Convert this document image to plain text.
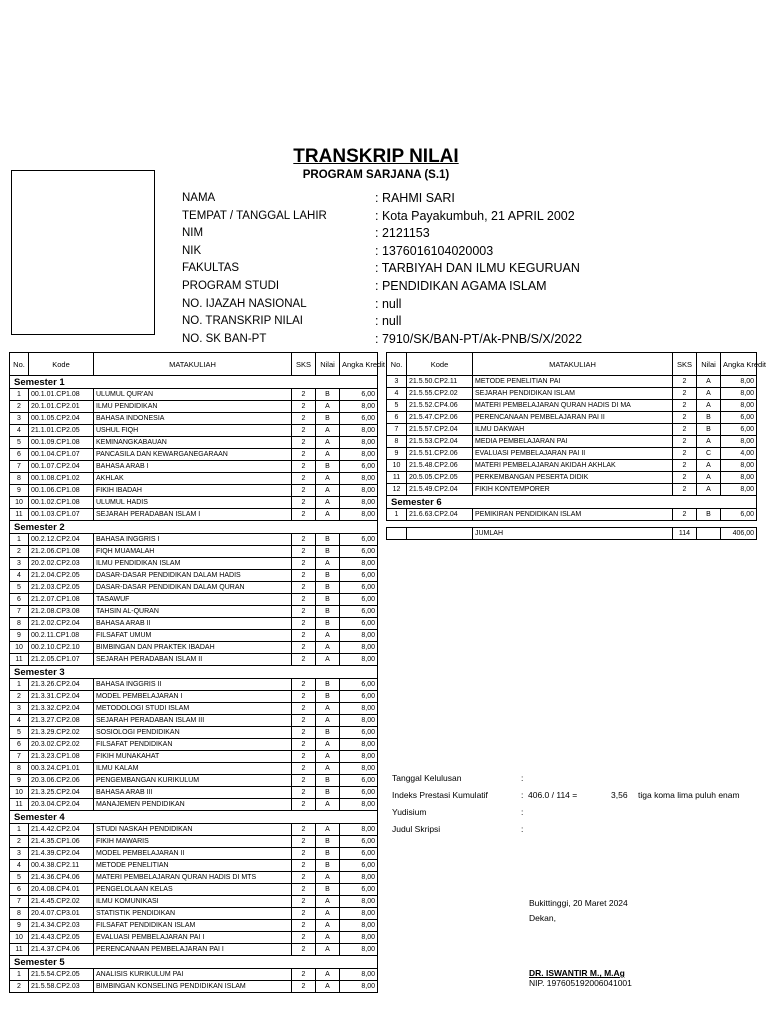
TRANSKRIP NILAI
PROGRAM SARJANA (S.1)
NAMA	: RAHMI SARI
TEMPAT / TANGGAL LAHIR	: Kota Payakumbuh, 21 APRIL 2002
NIM	: 2121153
NIK	: 1376016104020003
FAKULTAS	: TARBIYAH DAN ILMU KEGURUAN
PROGRAM STUDI	: PENDIDIKAN AGAMA ISLAM
NO. IJAZAH NASIONAL	: null
NO. TRANSKRIP NILAI	: null
NO. SK BAN-PT	: 7910/SK/BAN-PT/Ak-PNB/S/X/2022
No.	Kode	MATAKULIAH	SKS	Nilai	Angka Kredit
Semester 1					
1	00.1.01.CP1.08	ULUMUL QUR'AN	2	B	6,00
2	20.1.01.CP2.01	ILMU PENDIDIKAN	2	A	8,00
3	00.1.05.CP2.04	BAHASA INDONESIA	2	B	6,00
4	21.1.01.CP2.05	USHUL FIQH	2	A	8,00
5	00.1.09.CP1.08	KEMINANGKABAUAN	2	A	8,00
6	00.1.04.CP1.07	PANCASILA DAN KEWARGANEGARAAN	2	A	8,00
7	00.1.07.CP2.04	BAHASA ARAB I	2	B	6,00
8	00.1.08.CP1.02	AKHLAK	2	A	8,00
9	00.1.06.CP1.08	FIKIH IBADAH	2	A	8,00
10	00.1.02.CP1.08	ULUMUL HADIS	2	A	8,00
11	00.1.03.CP1.07	SEJARAH PERADABAN ISLAM I	2	A	8,00
Semester 2					
1	00.2.12.CP2.04	BAHASA INGGRIS I	2	B	6,00
2	21.2.06.CP1.08	FIQH MUAMALAH	2	B	6,00
3	20.2.02.CP2.03	ILMU PENDIDIKAN ISLAM	2	A	8,00
4	21.2.04.CP2.05	DASAR-DASAR PENDIDIKAN DALAM HADIS	2	B	6,00
5	21.2.03.CP2.05	DASAR-DASAR PENDIDIKAN DALAM QURAN	2	B	6,00
6	21.2.07.CP1.08	TASAWUF	2	B	6,00
7	21.2.08.CP3.08	TAHSIN AL-QURAN	2	B	6,00
8	21.2.02.CP2.04	BAHASA ARAB II	2	B	6,00
9	00.2.11.CP1.08	FILSAFAT UMUM	2	A	8,00
10	00.2.10.CP2.10	BIMBINGAN DAN PRAKTEK IBADAH	2	A	8,00
11	21.2.05.CP1.07	SEJARAH PERADABAN ISLAM II	2	A	8,00
Semester 3					
1	21.3.26.CP2.04	BAHASA INGGRIS II	2	B	6,00
2	21.3.31.CP2.04	MODEL PEMBELAJARAN I	2	B	6,00
3	21.3.32.CP2.04	METODOLOGI STUDI ISLAM	2	A	8,00
4	21.3.27.CP2.08	SEJARAH PERADABAN ISLAM III	2	A	8,00
5	21.3.29.CP2.02	SOSIOLOGI PENDIDIKAN	2	B	6,00
6	20.3.02.CP2.02	FILSAFAT PENDIDIKAN	2	A	8,00
7	21.3.23.CP1.08	FIKIH MUNAKAHAT	2	A	8,00
8	00.3.24.CP1.01	ILMU KALAM	2	A	8,00
9	20.3.06.CP2.06	PENGEMBANGAN KURIKULUM	2	B	6,00
10	21.3.25.CP2.04	BAHASA ARAB III	2	B	6,00
11	20.3.04.CP2.04	MANAJEMEN PENDIDIKAN	2	A	8,00
Semester 4					
1	21.4.42.CP2.04	STUDI NASKAH PENDIDIKAN	2	A	8,00
2	21.4.35.CP1.06	FIKIH MAWARIS	2	B	6,00
3	21.4.39.CP2.04	MODEL PEMBELAJARAN II	2	B	6,00
4	00.4.38.CP2.11	METODE PENELITIAN	2	B	6,00
5	21.4.36.CP4.06	MATERI PEMBELAJARAN QURAN HADIS DI MTS	2	A	8,00
6	20.4.08.CP4.01	PENGELOLAAN KELAS	2	B	6,00
7	21.4.45.CP2.02	ILMU KOMUNIKASI	2	A	8,00
8	20.4.07.CP3.01	STATISTIK PENDIDIKAN	2	A	8,00
9	21.4.34.CP2.03	FILSAFAT PENDIDIKAN ISLAM	2	A	8,00
10	21.4.43.CP2.05	EVALUASI PEMBELAJARAN PAI I	2	A	8,00
11	21.4.37.CP4.06	PERENCANAAN PEMBELAJARAN PAI I	2	A	8,00
Semester 5					
1	21.5.54.CP2.05	ANALISIS KURIKULUM PAI	2	A	8,00
2	21.5.58.CP2.03	BIMBINGAN KONSELING PENDIDIKAN ISLAM	2	A	8,00
No.	Kode	MATAKULIAH	SKS	Nilai	Angka Kredit
3	21.5.50.CP2.11	METODE PENELITIAN PAI	2	A	8,00
4	21.5.55.CP2.02	SEJARAH PENDIDIKAN ISLAM	2	A	8,00
5	21.5.52.CP4.06	MATERI PEMBELAJARAN QURAN HADIS DI MA	2	A	8,00
6	21.5.47.CP2.06	PERENCANAAN PEMBELAJARAN PAI II	2	B	6,00
7	21.5.57.CP2.04	ILMU DAKWAH	2	B	6,00
8	21.5.53.CP2.04	MEDIA PEMBELAJARAN PAI	2	A	8,00
9	21.5.51.CP2.06	EVALUASI PEMBELAJARAN PAI II	2	C	4,00
10	21.5.48.CP2.06	MATERI PEMBELAJARAN AKIDAH AKHLAK	2	A	8,00
11	20.5.05.CP2.05	PERKEMBANGAN PESERTA DIDIK	2	A	8,00
12	21.5.49.CP2.04	FIKIH KONTEMPORER	2	A	8,00
Semester 6					
1	21.6.63.CP2.04	PEMIKIRAN PENDIDIKAN ISLAM	2	B	6,00

		JUMLAH	114		406,00
Tanggal Kelulusan	:
Indeks Prestasi Kumulatif	: 406.0 / 114 =	3,56 tiga koma lima puluh enam
Yudisium	:
Judul Skripsi	:
Bukittinggi, 20 Maret 2024
Dekan,
DR. ISWANTIR M., M.Ag
NIP. 197605192006041001
